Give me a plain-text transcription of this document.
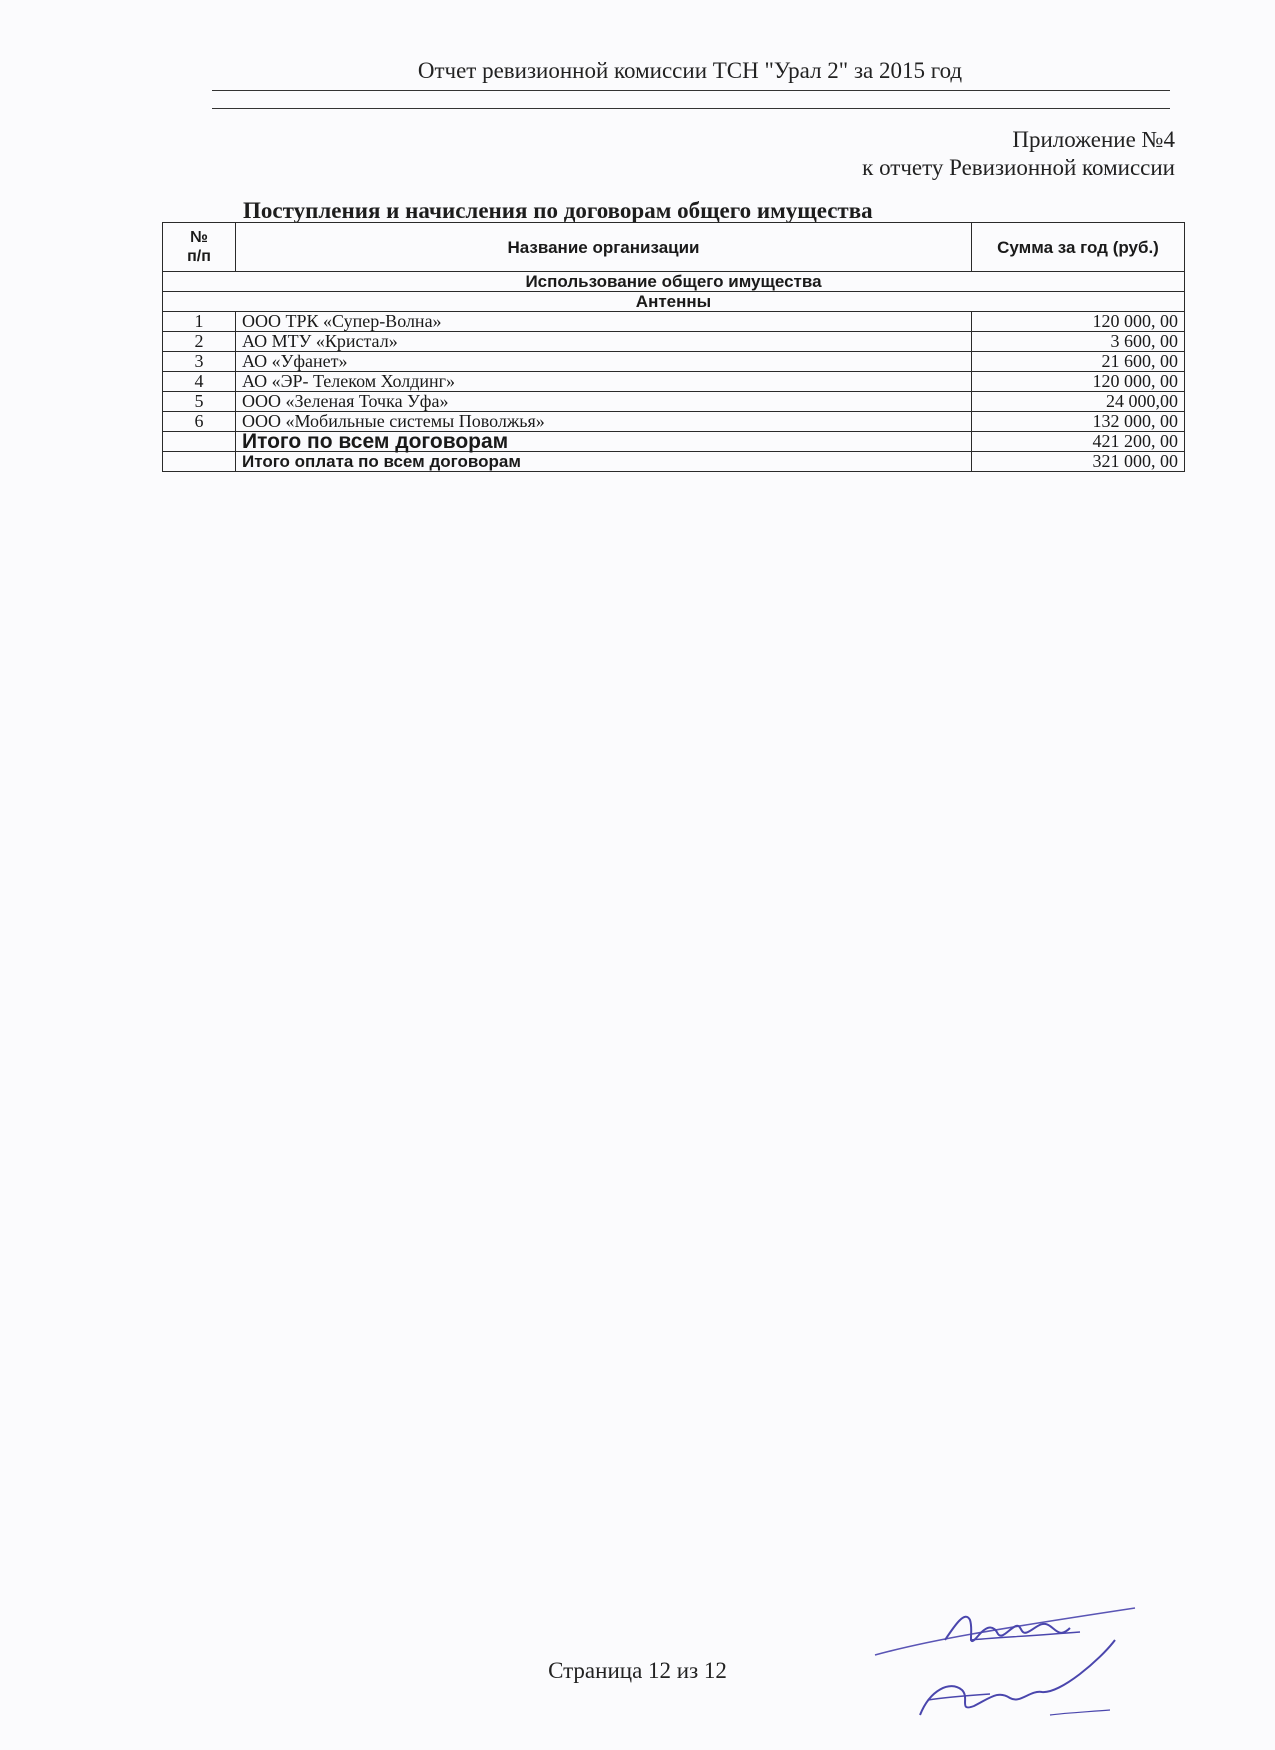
Отчет ревизионной комиссии ТСН "Урал 2" за 2015 год
Приложение №4
к отчету Ревизионной комиссии
Поступления и начисления по договорам общего имущества
№
п/п	Название организации	Сумма за год (руб.)
Использование общего имущества		
Антенны		
1	ООО ТРК «Супер-Волна»	120 000, 00
2	АО МТУ «Кристал»	3 600, 00
3	АО «Уфанет»	21 600, 00
4	АО «ЭР- Телеком Холдинг»	120 000, 00
5	ООО «Зеленая Точка Уфа»	24 000,00
6	ООО «Мобильные системы Поволжья»	132 000, 00
	Итого по всем договорам	421 200, 00
	Итого оплата по всем договорам	321 000, 00
Страница 12 из 12
